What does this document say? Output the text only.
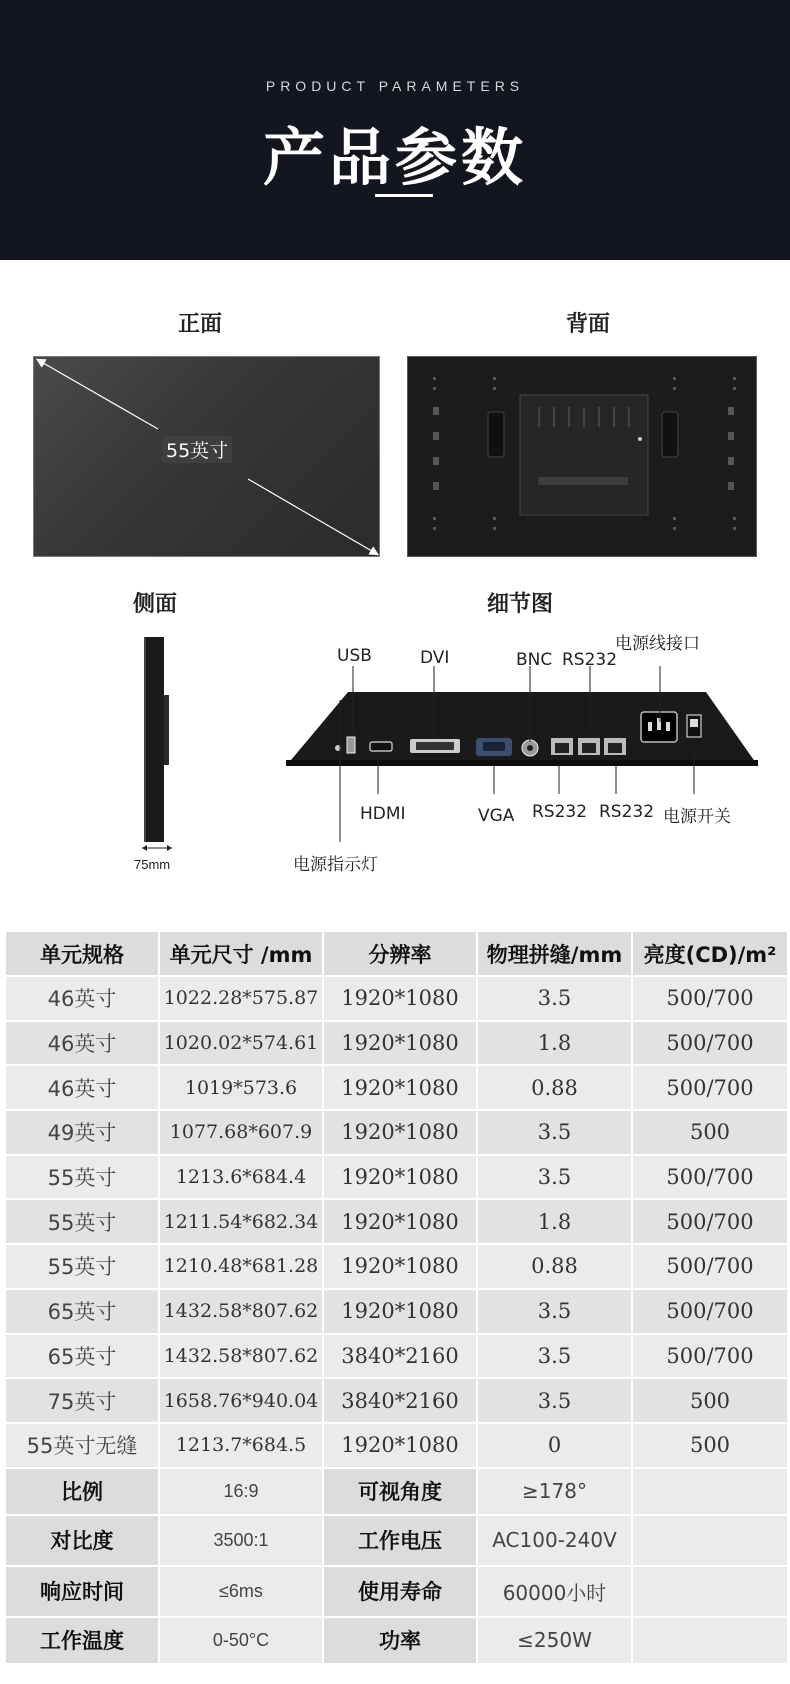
PRODUCT PARAMETERS
产品参数
正面	背面
55英寸
侧面	细节图
75mm
USB	DVI	BNC RS232
电源线接口
HDMI	VGA RS232 RS232 电源开关
电源指示灯
单元规格	单元尺寸 /mm	分辨率	物理拼缝/mm	亮度(CD)/m²
46英寸	1022.28*575.87	1920*1080	3.5	500/700
46英寸	1020.02*574.61	1920*1080	1.8	500/700
46英寸	1019*573.6	1920*1080	0.88	500/700
49英寸	1077.68*607.9	1920*1080	3.5	500
55英寸	1213.6*684.4	1920*1080	3.5	500/700
55英寸	1211.54*682.34	1920*1080	1.8	500/700
55英寸	1210.48*681.28	1920*1080	0.88	500/700
65英寸	1432.58*807.62	1920*1080	3.5	500/700
65英寸	1432.58*807.62	3840*2160	3.5	500/700
75英寸	1658.76*940.04	3840*2160	3.5	500
55英寸无缝	1213.7*684.5	1920*1080	0	500
比例	16:9	可视角度	≥178°	
对比度	3500:1	工作电压	AC100-240V	
响应时间	≤6ms	使用寿命	60000小时	
工作温度	0-50°C	功率	≤250W	
